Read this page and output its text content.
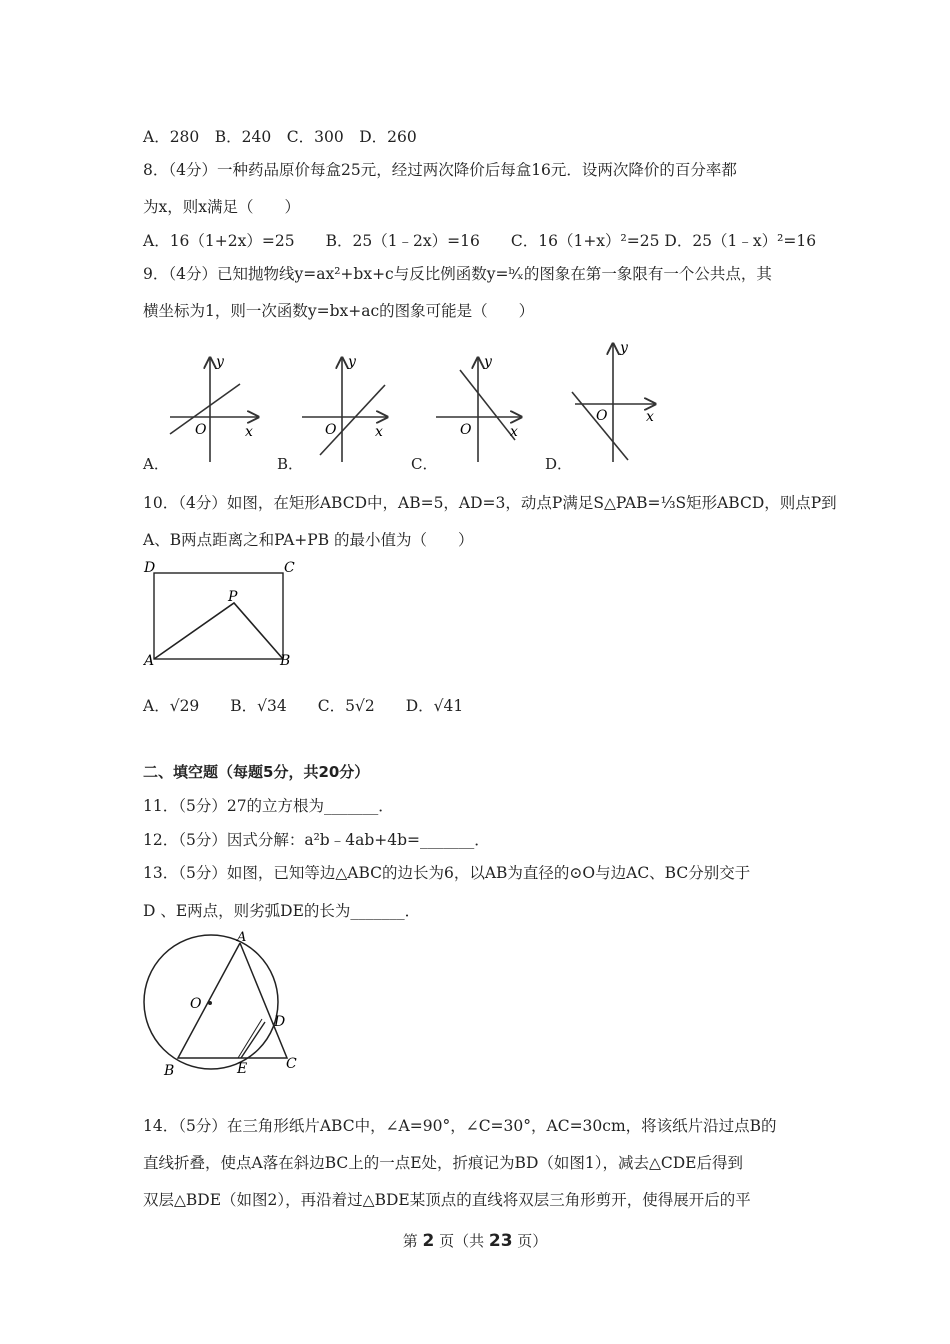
A．280　B．240　C．300　D．260
8．（4分）一种药品原价每盒25元，经过两次降价后每盒16元．设两次降价的百分率都
为x，则x满足（　　）
A．16（1+2x）=25　　B．25（1﹣2x）=16　　C．16（1+x）²=25 D．25（1﹣x）²=16
9．（4分）已知抛物线y=ax²+bx+c与反比例函数y=ᵇ⁄ₓ的图象在第一象限有一个公共点，其
横坐标为1，则一次函数y=bx+ac的图象可能是（　　）
A．	B．	C．	D．
y
x
O
y
x
O
y
x
O
y
x
O
10．（4分）如图，在矩形ABCD中，AB=5，AD=3，动点P满足S△PAB=⅓S矩形ABCD，则点P到
A、B两点距离之和PA+PB 的最小值为（　　）
D	C
P
A	B
A．√29　　B．√34　　C．5√2　　D．√41
二、填空题（每题5分，共20分）
11．（5分）27的立方根为_______．
12．（5分）因式分解：a²b﹣4ab+4b=_______．
13．（5分）如图，已知等边△ABC的边长为6，以AB为直径的⊙O与边AC、BC分别交于
D 、E两点，则劣弧DE的长为_______．
A
O
D
B	E	C
14．（5分）在三角形纸片ABC中，∠A=90°，∠C=30°，AC=30cm，将该纸片沿过点B的
直线折叠，使点A落在斜边BC上的一点E处，折痕记为BD（如图1），减去△CDE后得到
双层△BDE（如图2），再沿着过△BDE某顶点的直线将双层三角形剪开，使得展开后的平
第 2 页（共 23 页）
